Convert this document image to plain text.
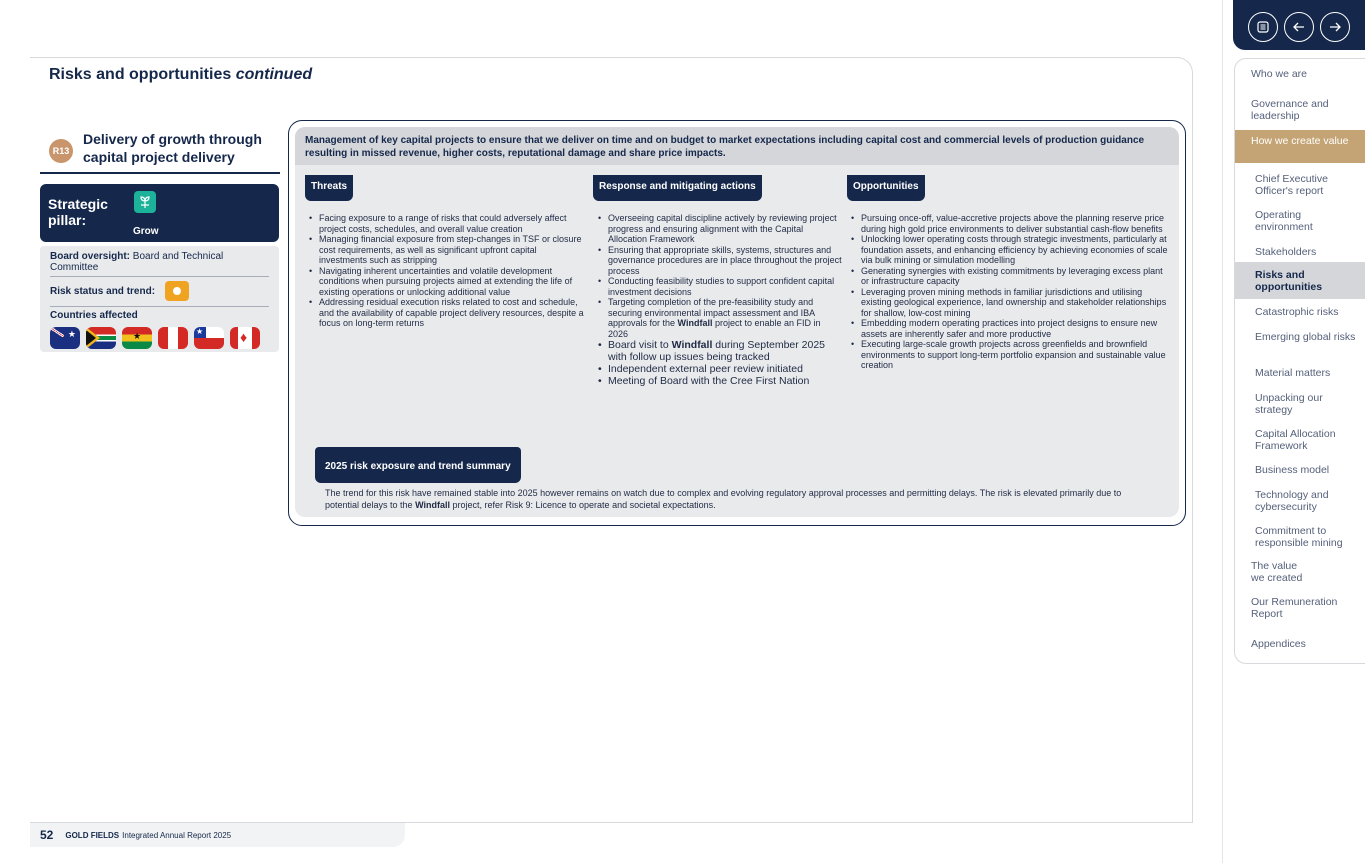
Risks and opportunities continued
R13
Delivery of growth through capital project delivery
Strategic pillar:
Grow
Board oversight: Board and Technical Committee
Risk status and trend:
Countries affected
★
★
★
♦
Management of key capital projects to ensure that we deliver on time and on budget to market expectations including capital cost and commercial levels of production guidance resulting in missed revenue, higher costs, reputational damage and share price impacts.
Threats	Response and mitigating actions	Opportunities
• Facing exposure to a range of risks that could adversely affect project costs, schedules, and overall value creation
• Managing financial exposure from step-changes in TSF or closure cost requirements, as well as significant upfront capital investments such as stripping
• Navigating inherent uncertainties and volatile development conditions when pursuing projects aimed at extending the life of existing operations or unlocking additional value
• Addressing residual execution risks related to cost and schedule, and the availability of capable project delivery resources, despite a focus on long-term returns
• Overseeing capital discipline actively by reviewing project progress and ensuring alignment with the Capital Allocation Framework
• Ensuring that appropriate skills, systems, structures and governance procedures are in place throughout the project process
• Conducting feasibility studies to support confident capital investment decisions
• Targeting completion of the pre-feasibility study and securing environmental impact assessment and IBA approvals for the Windfall project to enable an FID in 2026
• Board visit to Windfall during September 2025 with follow up issues being tracked
• Independent external peer review initiated
• Meeting of Board with the Cree First Nation
• Pursuing once-off, value-accretive projects above the planning reserve price during high gold price environments to deliver substantial cash-flow benefits
• Unlocking lower operating costs through strategic investments, particularly at foundation assets, and enhancing efficiency by achieving economies of scale via bulk mining or simulation modelling
• Generating synergies with existing commitments by leveraging excess plant or infrastructure capacity
• Leveraging proven mining methods in familiar jurisdictions and utilising existing geological experience, land ownership and stakeholder relationships for shallow, low-cost mining
• Embedding modern operating practices into project designs to ensure new assets are inherently safer and more productive
• Executing large-scale growth projects across greenfields and brownfield environments to support long-term portfolio expansion and sustainable value creation
2025 risk exposure and trend summary
The trend for this risk have remained stable into 2025 however remains on watch due to complex and evolving regulatory approval processes and permitting delays. The risk is elevated primarily due to potential delays to the Windfall project, refer Risk 9: Licence to operate and societal expectations.
52 GOLD FIELDS Integrated Annual Report 2025
Who we are
Governance and leadership
How we create value
Chief Executive Officer's report
Operating environment
Stakeholders
Risks and opportunities
Catastrophic risks
Emerging global risks
Material matters
Unpacking our strategy
Capital Allocation Framework
Business model
Technology and cybersecurity
Commitment to responsible mining
The value we created
Our Remuneration Report
Appendices
